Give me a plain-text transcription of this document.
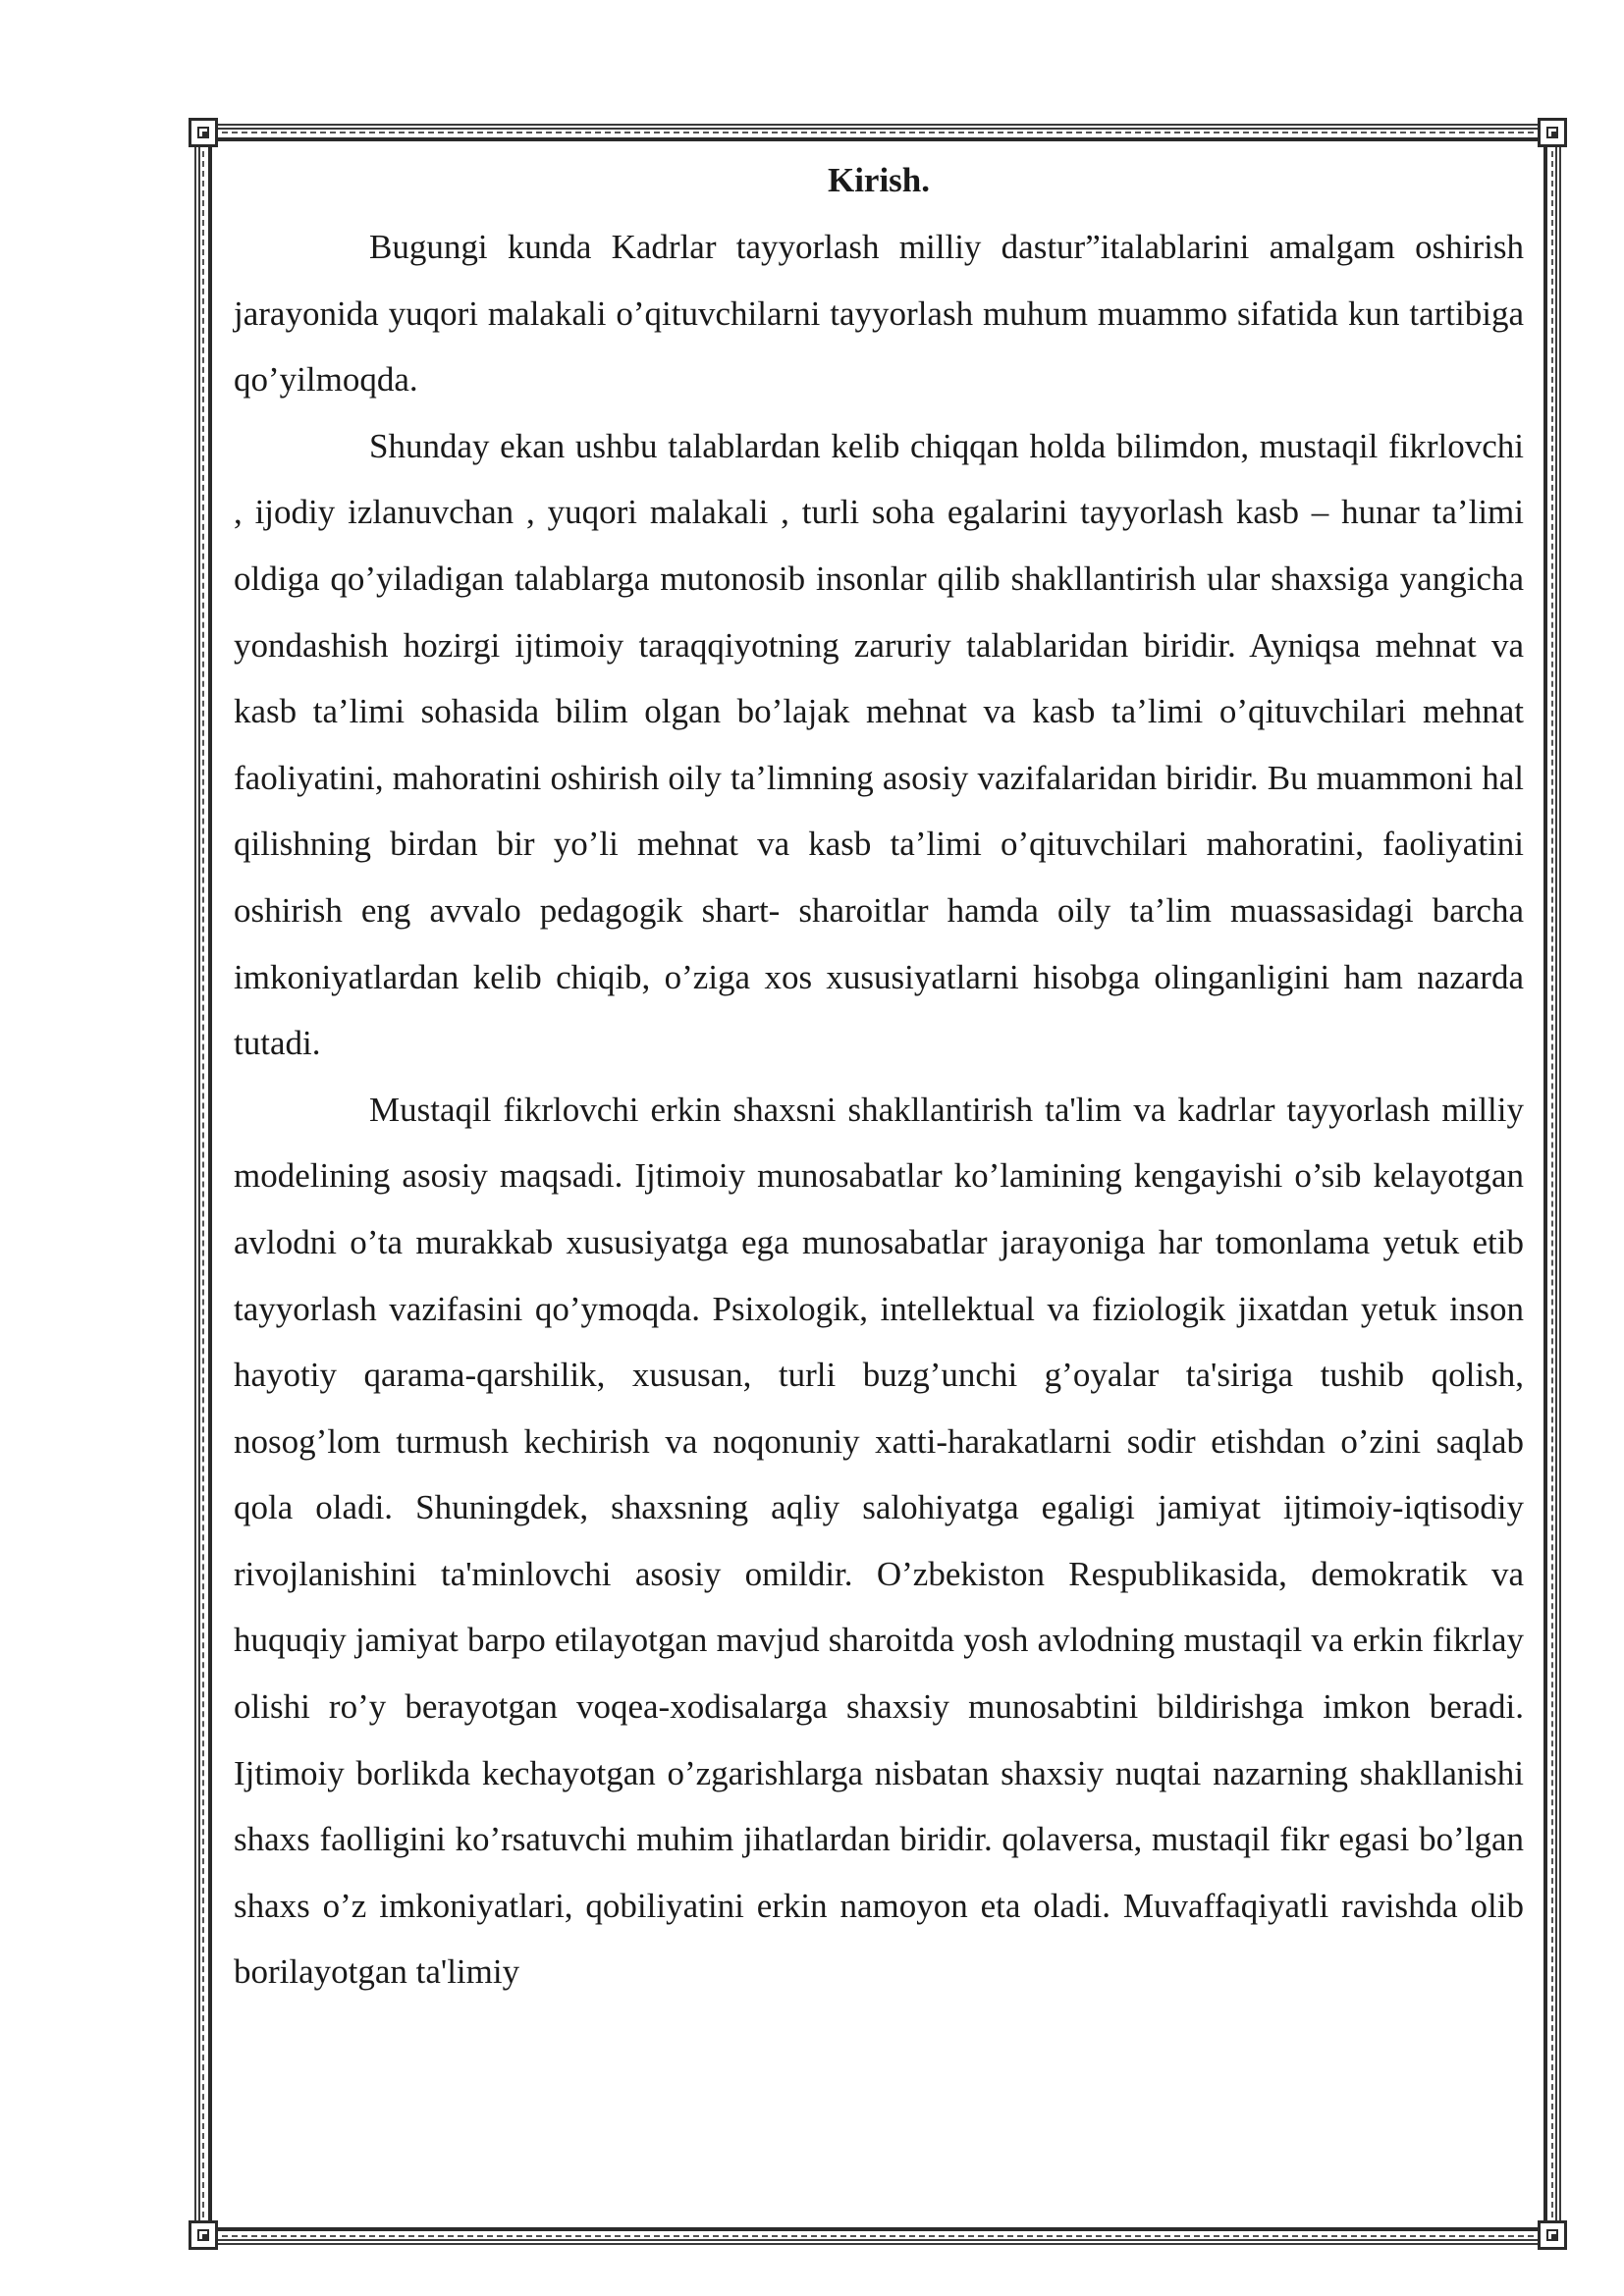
Kirish.

Bugungi kunda Kadrlar tayyorlash milliy dastur”italablarini amalgam oshirish jarayonida yuqori malakali o’qituvchilarni tayyorlash muhum muammo sifatida kun tartibiga qo’yilmoqda.

Shunday ekan ushbu talablardan kelib chiqqan holda bilimdon, mustaqil fikrlovchi , ijodiy izlanuvchan , yuqori malakali , turli soha egalarini tayyorlash kasb – hunar ta’limi oldiga qo’yiladigan talablarga mutonosib insonlar qilib shakllantirish ular shaxsiga yangicha yondashish hozirgi ijtimoiy taraqqiyotning zaruriy talablaridan biridir. Ayniqsa mehnat va kasb ta’limi sohasida bilim olgan bo’lajak mehnat va kasb ta’limi o’qituvchilari mehnat faoliyatini, mahoratini oshirish oily ta’limning asosiy vazifalaridan biridir. Bu muammoni hal qilishning birdan bir yo’li mehnat va kasb ta’limi o’qituvchilari mahoratini, faoliyatini oshirish eng avvalo pedagogik shart- sharoitlar hamda oily ta’lim muassasidagi barcha imkoniyatlardan kelib chiqib, o’ziga xos xususiyatlarni hisobga olinganligini ham nazarda tutadi.

Mustaqil fikrlovchi erkin shaxsni shakllantirish ta'lim va kadrlar tayyorlash milliy modelining asosiy maqsadi. Ijtimoiy munosabatlar ko’lamining kengayishi o’sib kelayotgan avlodni o’ta murakkab xususiyatga ega munosabatlar jarayoniga har tomonlama yetuk etib tayyorlash vazifasini qo’ymoqda. Psixologik, intellektual va fiziologik jixatdan yetuk inson hayotiy qarama-qarshilik, xususan, turli buzg’unchi g’oyalar ta'siriga tushib qolish, nosog’lom turmush kechirish va noqonuniy xatti-harakatlarni sodir etishdan o’zini saqlab qola oladi. Shuningdek, shaxsning aqliy salohiyatga egaligi jamiyat ijtimoiy-iqtisodiy rivojlanishini ta'minlovchi asosiy omildir. O’zbekiston Respublikasida, demokratik va huquqiy jamiyat barpo etilayotgan mavjud sharoitda yosh avlodning mustaqil va erkin fikrlay olishi ro’y berayotgan voqea-xodisalarga shaxsiy munosabtini bildirishga imkon beradi. Ijtimoiy borlikda kechayotgan o’zgarishlarga nisbatan shaxsiy nuqtai nazarning shakllanishi shaxs faolligini ko’rsatuvchi muhim jihatlardan biridir. qolaversa, mustaqil fikr egasi bo’lgan shaxs o’z imkoniyatlari, qobiliyatini erkin namoyon eta oladi. Muvaffaqiyatli ravishda olib borilayotgan ta'limiy
